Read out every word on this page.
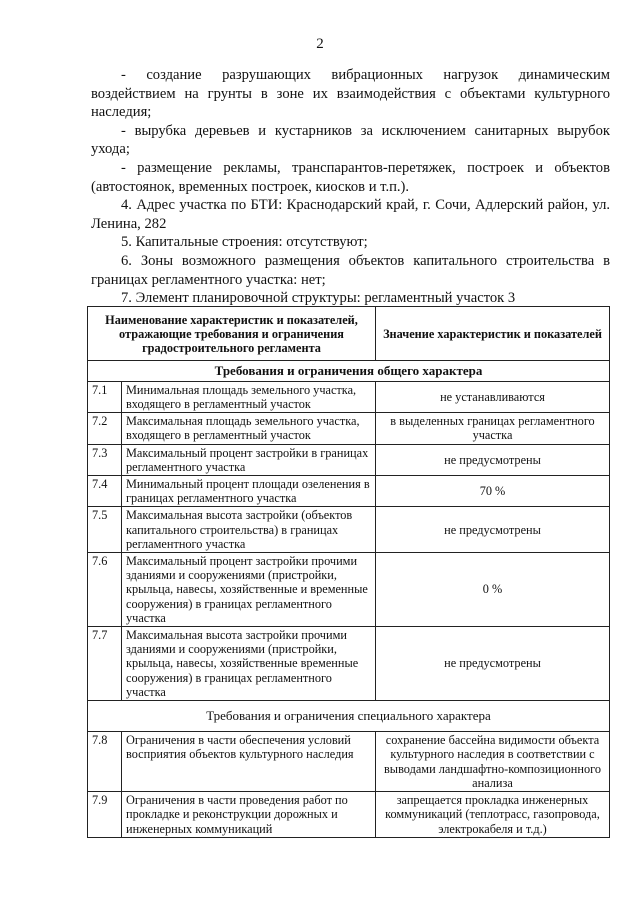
2

- создание разрушающих вибрационных нагрузок динамическим воздействием на грунты в зоне их взаимодействия с объектами культурного наследия;

- вырубка деревьев и кустарников за исключением санитарных вырубок ухода;

- размещение рекламы, транспарантов-перетяжек, построек и объектов (автостоянок, временных построек, киосков и т.п.).

4. Адрес участка по БТИ: Краснодарский край, г. Сочи, Адлерский район, ул. Ленина, 282

5. Капитальные строения: отсутствуют;

6. Зоны возможного размещения объектов капитального строительства в границах регламентного участка: нет;

7. Элемент планировочной структуры: регламентный участок 3

Наименование характеристик и показателей, отражающие требования и ограничения градостроительного регламента		Значение характеристик и показателей
Требования и ограничения общего характера		
7.1	Минимальная площадь земельного участка, входящего в регламентный участок	не устанавливаются
7.2	Максимальная площадь земельного участка, входящего в регламентный участок	в выделенных границах регламентного участка
7.3	Максимальный процент застройки в границах регламентного участка	не предусмотрены
7.4	Минимальный процент площади озеленения в границах регламентного участка	70 %
7.5	Максимальная высота застройки (объектов капитального строительства) в границах регламентного участка	не предусмотрены
7.6	Максимальный процент застройки прочими зданиями и сооружениями (пристройки, крыльца, навесы, хозяйственные и временные сооружения) в границах регламентного участка	0 %
7.7	Максимальная высота застройки прочими зданиями и сооружениями (пристройки, крыльца, навесы, хозяйственные временные сооружения) в границах регламентного участка	не предусмотрены
Требования и ограничения специального характера		
7.8	Ограничения в части обеспечения условий восприятия объектов культурного наследия	сохранение бассейна видимости объекта культурного наследия в соответствии с выводами ландшафтно-композиционного анализа
7.9	Ограничения в части проведения работ по прокладке и реконструкции дорожных и инженерных коммуникаций	запрещается прокладка инженерных коммуникаций (теплотрасс, газопровода, электрокабеля и т.д.)
